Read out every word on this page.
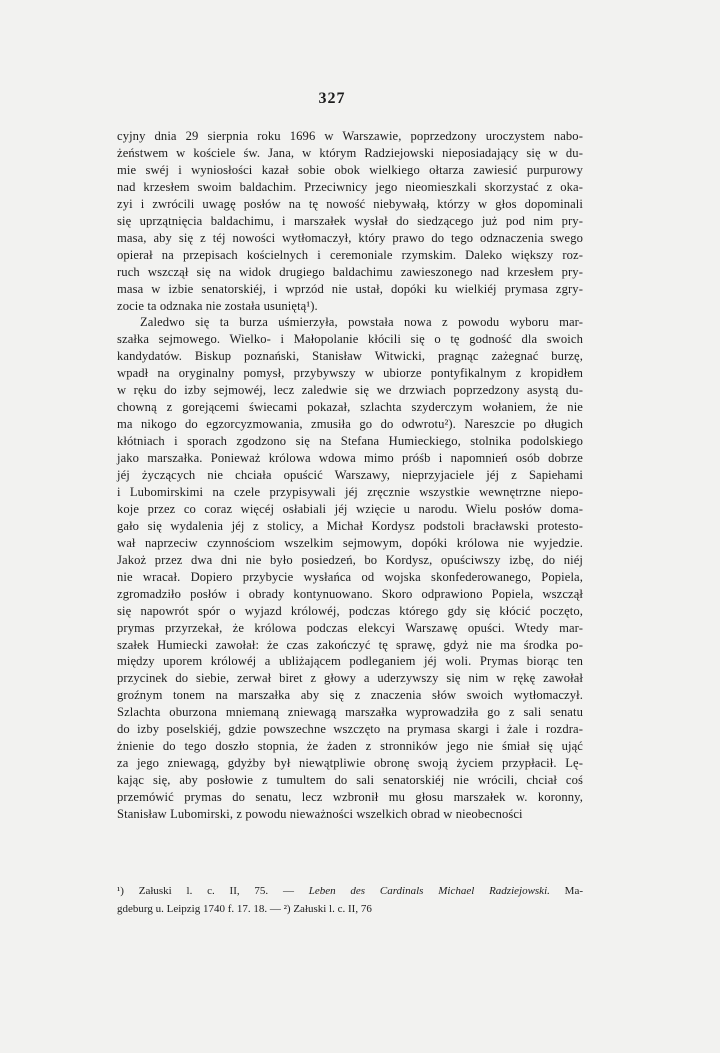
327
cyjny dnia 29 sierpnia roku 1696 w Warszawie, poprzedzony uroczystem nabo-
żeństwem w kościele św. Jana, w którym Radziejowski nieposiadający się w du-
mie swéj i wyniosłości kazał sobie obok wielkiego ołtarza zawiesić purpurowy
nad krzesłem swoim baldachim. Przeciwnicy jego nieomieszkali skorzystać z oka-
zyi i zwrócili uwagę posłów na tę nowość niebywałą, którzy w głos dopominali
się uprzątnięcia baldachimu, i marszałek wysłał do siedzącego już pod nim pry-
masa, aby się z téj nowości wytłomaczył, który prawo do tego odznaczenia swego
opierał na przepisach kościelnych i ceremoniale rzymskim. Daleko większy roz-
ruch wszczął się na widok drugiego baldachimu zawieszonego nad krzesłem pry-
masa w izbie senatorskiéj, i wprzód nie ustał, dopóki ku wielkiéj prymasa zgry-
zocie ta odznaka nie została usuniętą¹).
Zaledwo się ta burza uśmierzyła, powstała nowa z powodu wyboru mar-
szałka sejmowego. Wielko- i Małopolanie kłócili się o tę godność dla swoich
kandydatów. Biskup poznański, Stanisław Witwicki, pragnąc zażegnać burzę,
wpadł na oryginalny pomysł, przybywszy w ubiorze pontyfikalnym z kropidłem
w ręku do izby sejmowéj, lecz zaledwie się we drzwiach poprzedzony asystą du-
chowną z gorejącemi świecami pokazał, szlachta szyderczym wołaniem, że nie
ma nikogo do egzorcyzmowania, zmusiła go do odwrotu²). Nareszcie po długich
kłótniach i sporach zgodzono się na Stefana Humieckiego, stolnika podolskiego
jako marszałka. Ponieważ królowa wdowa mimo próśb i napomnień osób dobrze
jéj życzących nie chciała opuścić Warszawy, nieprzyjaciele jéj z Sapiehami
i Lubomirskimi na czele przypisywali jéj zręcznie wszystkie wewnętrzne niepo-
koje przez co coraz więcéj osłabiali jéj wzięcie u narodu. Wielu posłów doma-
gało się wydalenia jéj z stolicy, a Michał Kordysz podstoli bracławski protesto-
wał naprzeciw czynnościom wszelkim sejmowym, dopóki królowa nie wyjedzie.
Jakoż przez dwa dni nie było posiedzeń, bo Kordysz, opuściwszy izbę, do niéj
nie wracał. Dopiero przybycie wysłańca od wojska skonfederowanego, Popiela,
zgromadziło posłów i obrady kontynuowano. Skoro odprawiono Popiela, wszczął
się napowrót spór o wyjazd królowéj, podczas którego gdy się kłócić poczęto,
prymas przyrzekał, że królowa podczas elekcyi Warszawę opuści. Wtedy mar-
szałek Humiecki zawołał: że czas zakończyć tę sprawę, gdyż nie ma środka po-
między uporem królowéj a ubliżającem podleganiem jéj woli. Prymas biorąc ten
przycinek do siebie, zerwał biret z głowy a uderzywszy się nim w rękę zawołał
groźnym tonem na marszałka aby się z znaczenia słów swoich wytłomaczył.
Szlachta oburzona mniemaną zniewagą marszałka wyprowadziła go z sali senatu
do izby poselskiéj, gdzie powszechne wszczęto na prymasa skargi i żale i rozdra-
żnienie do tego doszło stopnia, że żaden z stronników jego nie śmiał się ująć
za jego zniewagą, gdyżby był niewątpliwie obronę swoją życiem przypłacił. Lę-
kając się, aby posłowie z tumultem do sali senatorskiéj nie wrócili, chciał coś
przemówić prymas do senatu, lecz wzbronił mu głosu marszałek w. koronny,
Stanisław Lubomirski, z powodu nieważności wszelkich obrad w nieobecności
¹) Załuski l. c. II, 75. — Leben des Cardinals Michael Radziejowski. Ma-
gdeburg u. Leipzig 1740 f. 17. 18. — ²) Załuski l. c. II, 76
